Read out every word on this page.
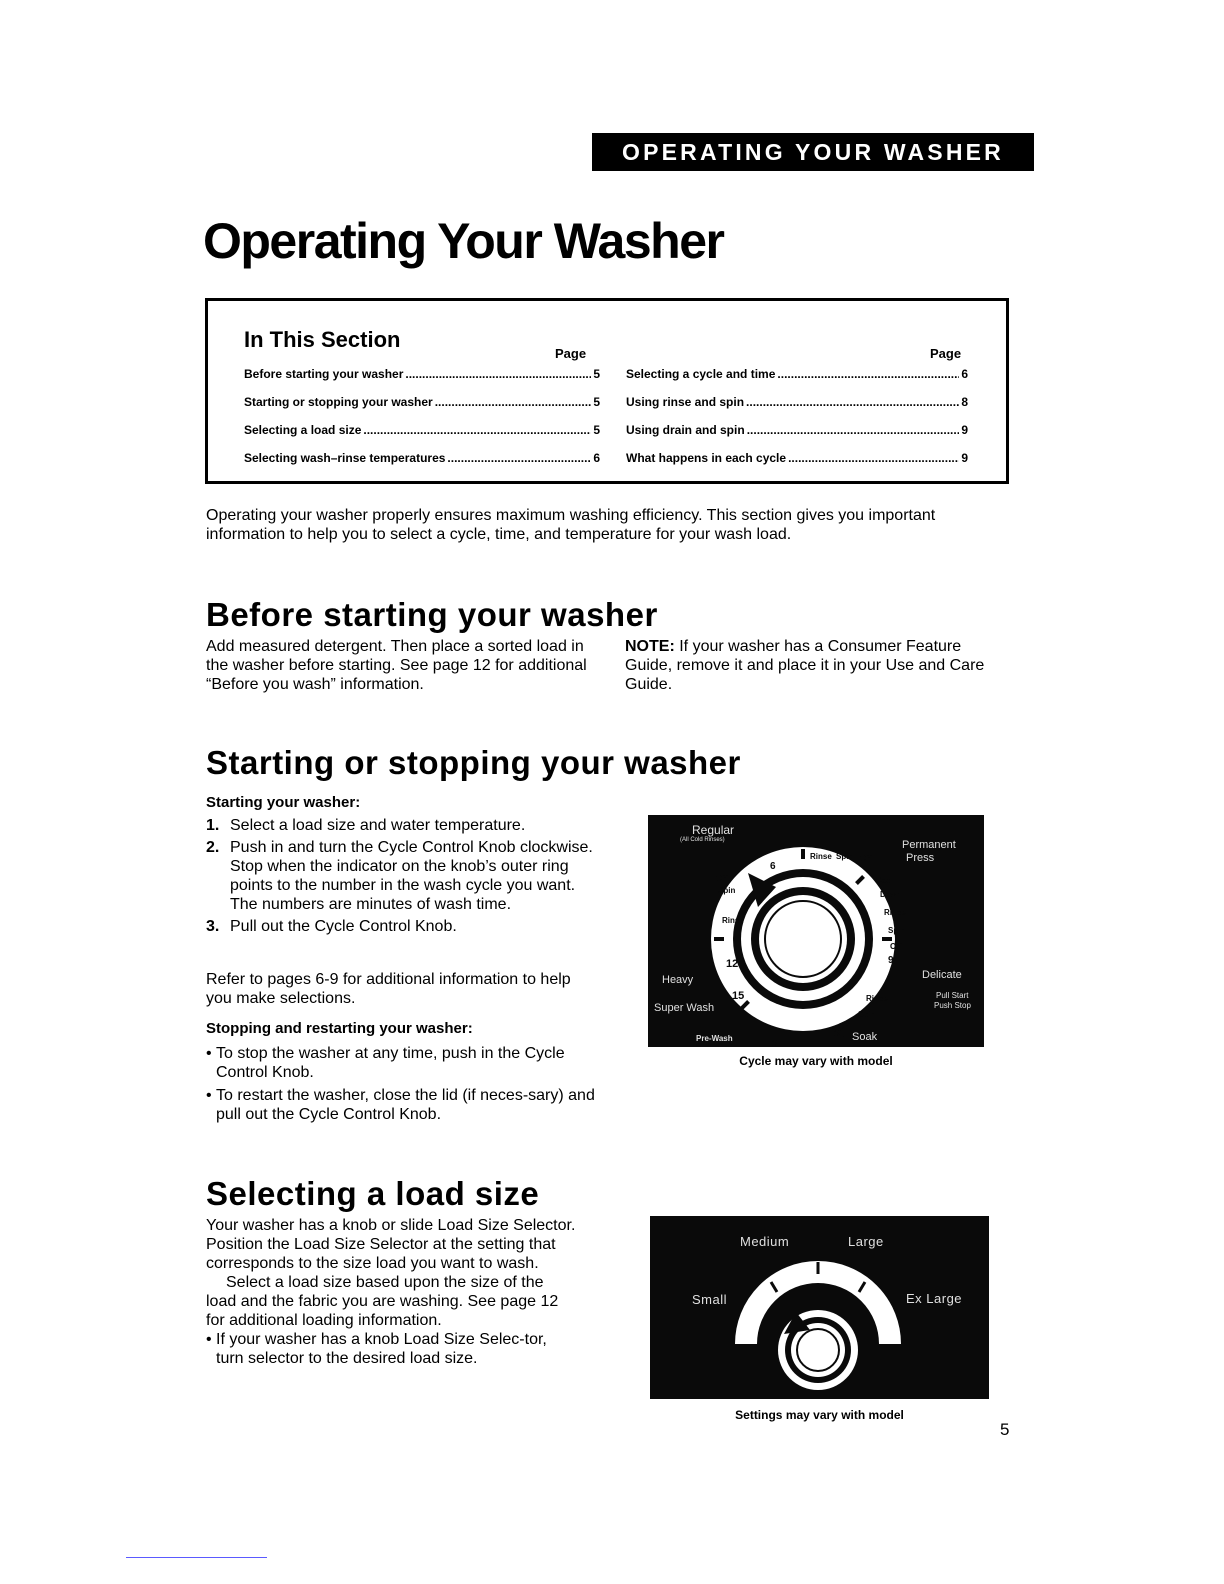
OPERATING YOUR WASHER
Operating Your Washer
In This Section
Page	Page
Before starting your washer .....	5
Starting or stopping your washer .....	5
Selecting a load size .....	5
Selecting wash–rinse temperatures .....	6
Selecting a cycle and time .....	6
Using rinse and spin .....	8
Using drain and spin .....	9
What happens in each cycle .....	9
Operating your washer properly ensures maximum washing efficiency. This section gives you important information to help you to select a cycle, time, and temperature for your wash load.
Before starting your washer
Add measured detergent. Then place a sorted load in the washer before starting. See page 12 for additional “Before you wash” information.
NOTE: If your washer has a Consumer Feature Guide, remove it and place it in your Use and Care Guide.
Starting or stopping your washer
Starting your washer:
1. Select a load size and water temperature.
2. Push in and turn the Cycle Control Knob clockwise. Stop when the indicator on the knob’s outer ring points to the number in the wash cycle you want. The numbers are minutes of wash time.
3. Pull out the Cycle Control Knob.
Refer to pages 6-9 for additional information to help you make selections.
Stopping and restarting your washer:
• To stop the washer at any time, push in the Cycle Control Knob.
• To restart the washer, close the lid (if neces-sary) and pull out the Cycle Control Knob.
Rinse Spin Off
Cool
Down
Rinse
Spin
Off
Rinse
Spin
Off
Rinse
Spin
Off
30
3
12
15
6
9
Regular
(All Cold Rinses)	Permanent
Press
Heavy
Super Wash
Delicate
Pull Start
Push Stop
Pre-Wash	Soak
Cycle may vary with model
Selecting a load size
Your washer has a knob or slide Load Size Selector. Position the Load Size Selector at the setting that corresponds to the size load you want to wash.
Select a load size based upon the size of the load and the fabric you are washing. See page 12 for additional loading information.
• If your washer has a knob Load Size Selec-tor, turn selector to the desired load size.
Medium	Large
Small	Ex Large
Settings may vary with model
5
